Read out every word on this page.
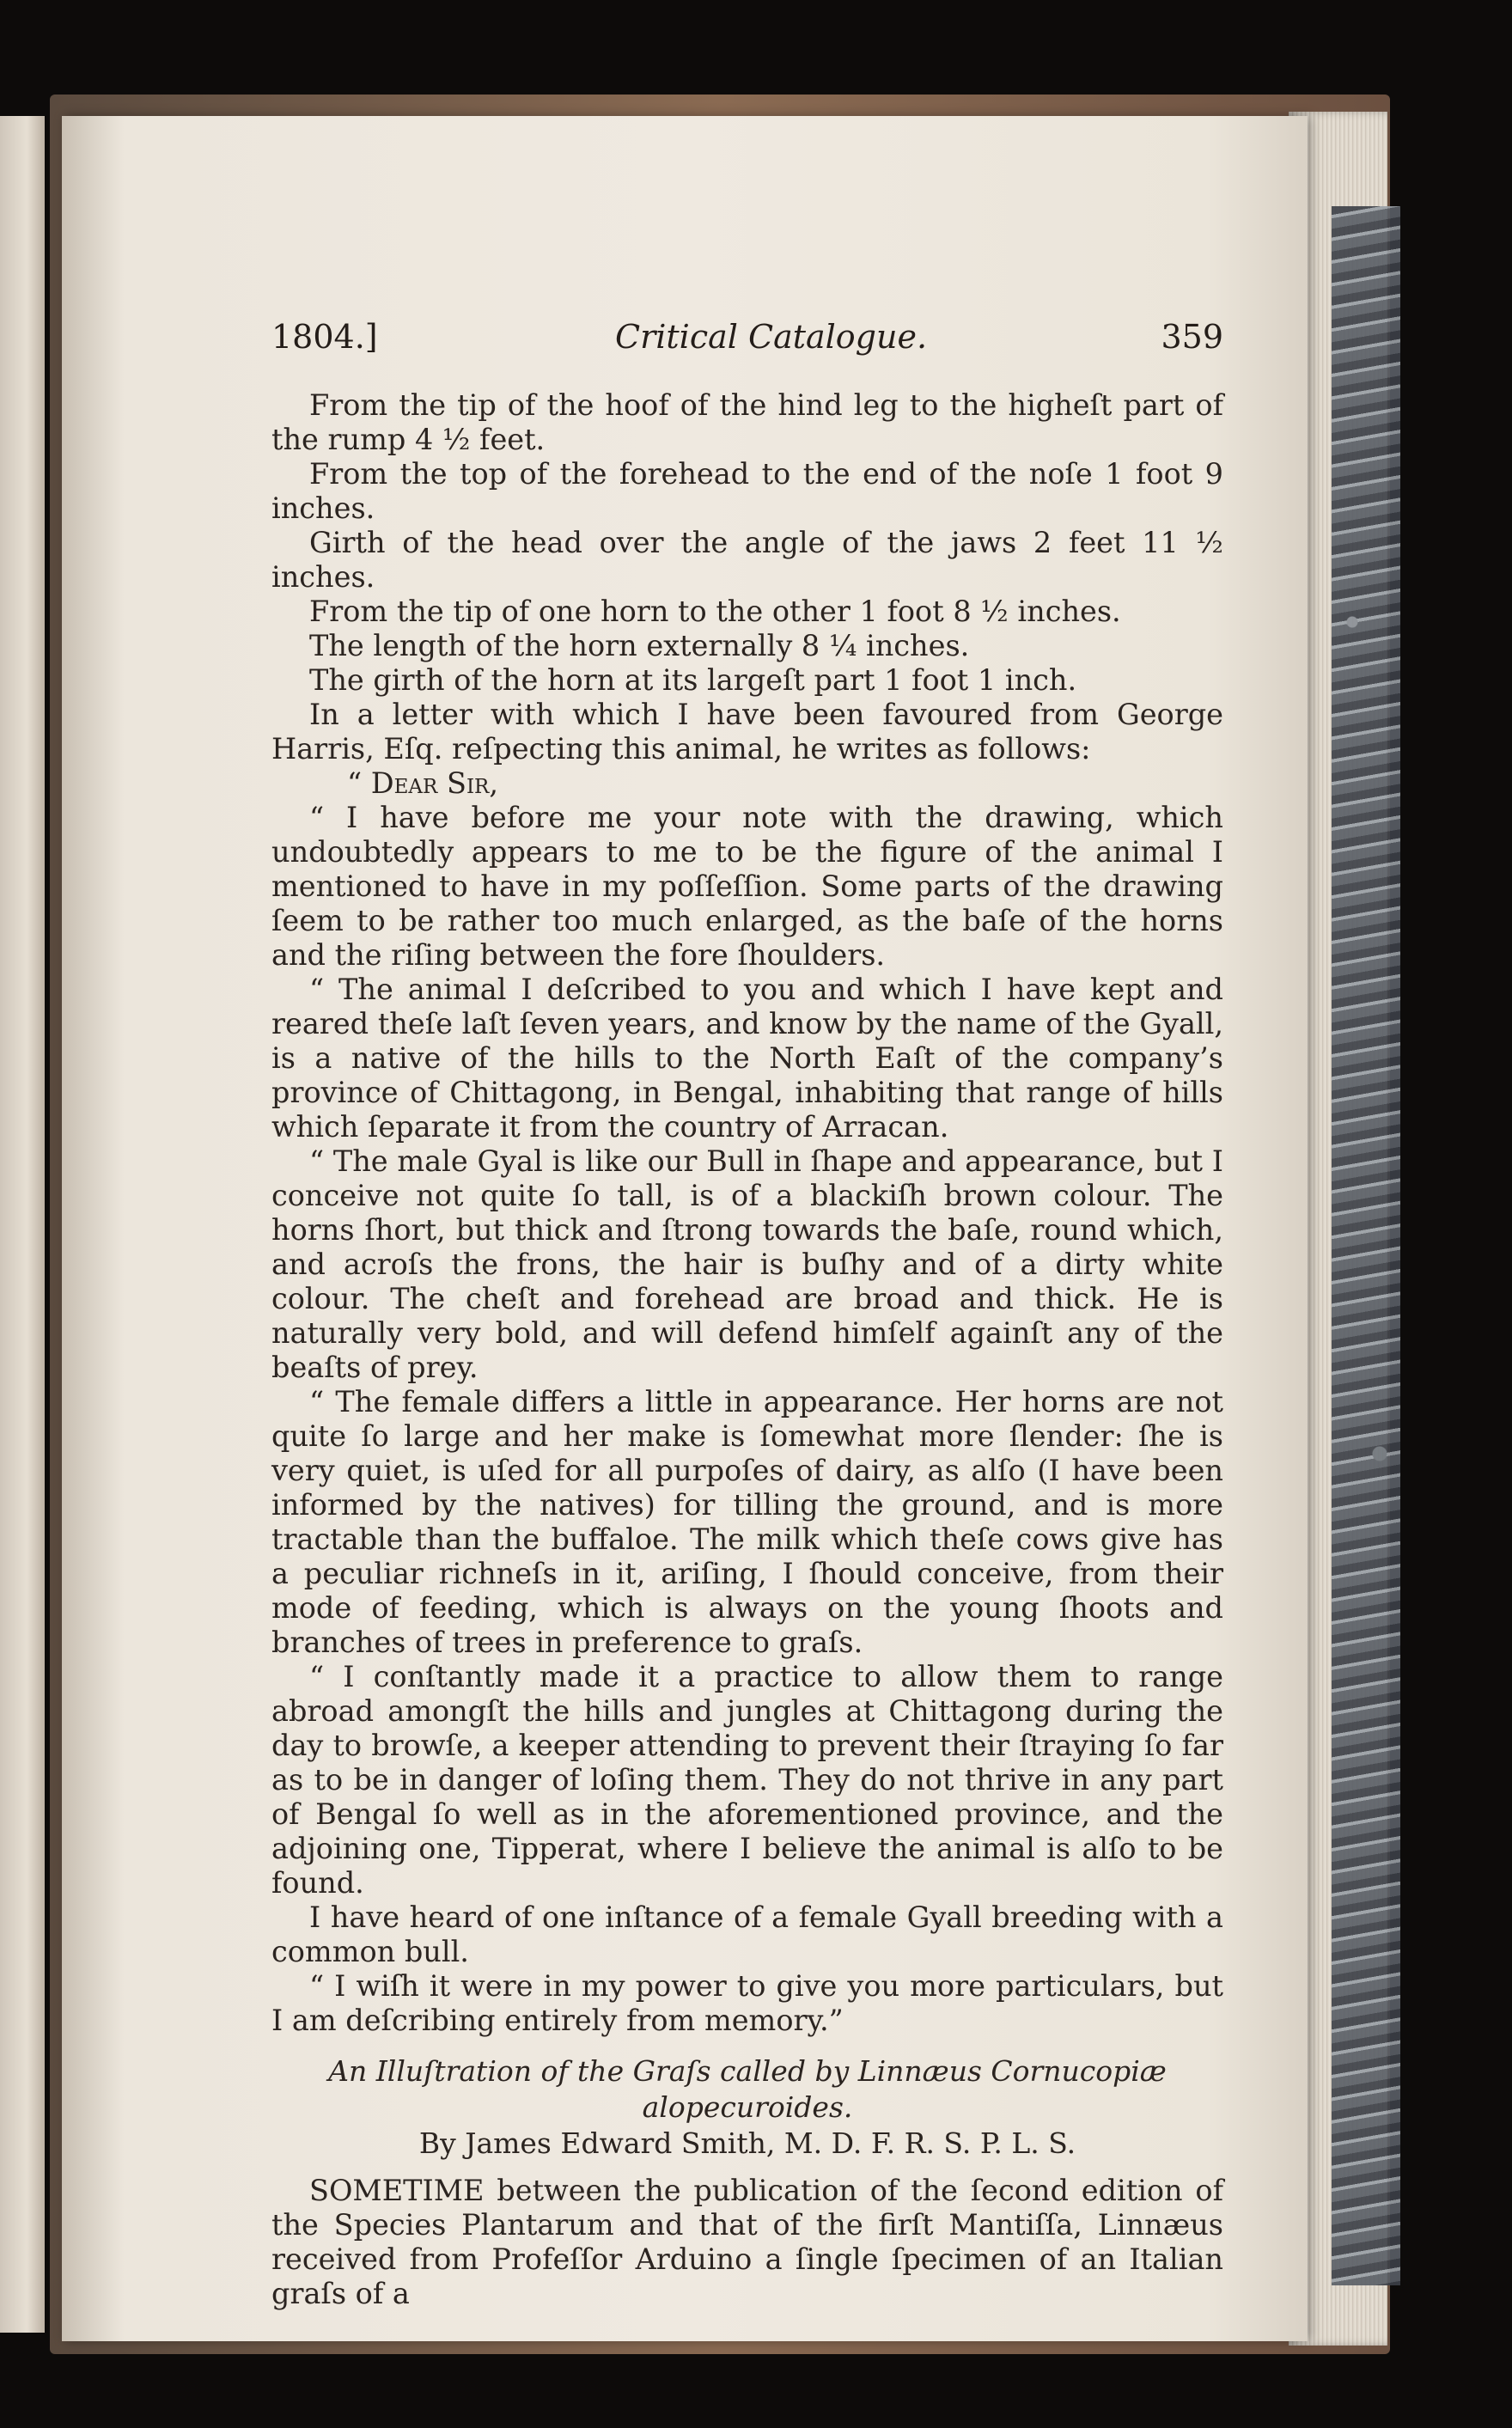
1804.]	Critical Catalogue.	359

From the tip of the hoof of the hind leg to the higheſt part of the rump 4 ½ feet.

From the top of the forehead to the end of the noſe 1 foot 9 inches.

Girth of the head over the angle of the jaws 2 feet 11 ½ inches.

From the tip of one horn to the other 1 foot 8 ½ inches.

The length of the horn externally 8 ¼ inches.

The girth of the horn at its largeſt part 1 foot 1 inch.

In a letter with which I have been favoured from George Harris, Eſq. reſpecting this animal, he writes as follows:

“ Dear Sir,

“ I have before me your note with the drawing, which undoubtedly appears to me to be the figure of the animal I mentioned to have in my poſſeſſion. Some parts of the drawing ſeem to be rather too much enlarged, as the baſe of the horns and the riſing between the fore ſhoulders.

“ The animal I deſcribed to you and which I have kept and reared theſe laſt ſeven years, and know by the name of the Gyall, is a native of the hills to the North Eaſt of the company’s province of Chittagong, in Bengal, inhabiting that range of hills which ſeparate it from the country of Arracan.

“ The male Gyal is like our Bull in ſhape and appearance, but I conceive not quite ſo tall, is of a blackiſh brown colour. The horns ſhort, but thick and ſtrong towards the baſe, round which, and acroſs the frons, the hair is buſhy and of a dirty white colour. The cheſt and forehead are broad and thick. He is naturally very bold, and will defend himſelf againſt any of the beaſts of prey.

“ The female differs a little in appearance. Her horns are not quite ſo large and her make is ſomewhat more ſlender: ſhe is very quiet, is uſed for all purpoſes of dairy, as alſo (I have been informed by the natives) for tilling the ground, and is more tractable than the buffaloe. The milk which theſe cows give has a peculiar richneſs in it, ariſing, I ſhould conceive, from their mode of feeding, which is always on the young ſhoots and branches of trees in preference to graſs.

“ I conſtantly made it a practice to allow them to range abroad amongſt the hills and jungles at Chittagong during the day to browſe, a keeper attending to prevent their ſtraying ſo far as to be in danger of loſing them. They do not thrive in any part of Bengal ſo well as in the aforementioned province, and the adjoining one, Tipperat, where I believe the animal is alſo to be found.

I have heard of one inſtance of a female Gyall breeding with a common bull.

“ I wiſh it were in my power to give you more particulars, but I am deſcribing entirely from memory.”

An Illuſtration of the Graſs called by Linnæus Cornucopiæ alopecuroides.
By James Edward Smith, M. D. F. R. S. P. L. S.

SOMETIME between the publication of the ſecond edition of the Species Plantarum and that of the firſt Mantiſſa, Linnæus received from Profeſſor Arduino a ſingle ſpecimen of an Italian graſs of a
